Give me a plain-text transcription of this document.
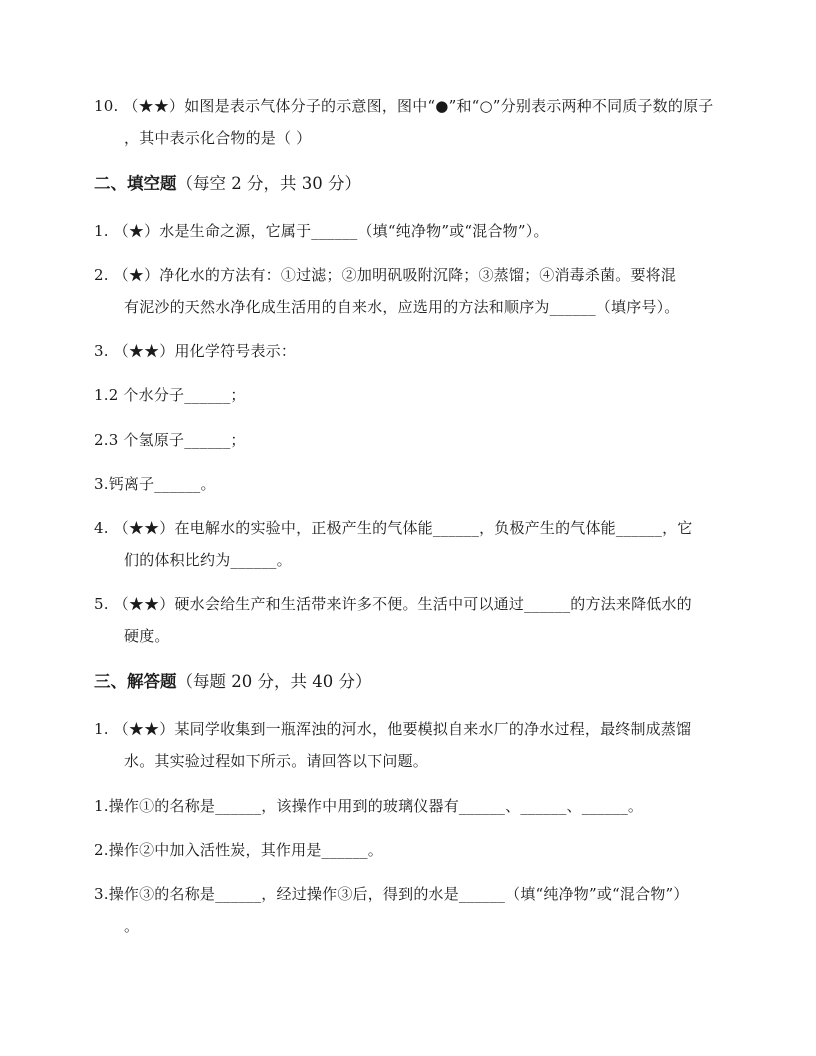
10. （★★）如图是表示气体分子的示意图，图中“●”和“○”分别表示两种不同质子数的原子
，其中表示化合物的是（ ）
二、填空题（每空 2 分，共 30 分）
1. （★）水是生命之源，它属于______（填“纯净物”或“混合物”）。
2. （★）净化水的方法有：①过滤；②加明矾吸附沉降；③蒸馏；④消毒杀菌。要将混
有泥沙的天然水净化成生活用的自来水，应选用的方法和顺序为______（填序号）。
3. （★★）用化学符号表示：
1.2 个水分子______；
2.3 个氢原子______；
3.钙离子______。
4. （★★）在电解水的实验中，正极产生的气体能______，负极产生的气体能______，它
们的体积比约为______。
5. （★★）硬水会给生产和生活带来许多不便。生活中可以通过______的方法来降低水的
硬度。
三、解答题（每题 20 分，共 40 分）
1. （★★）某同学收集到一瓶浑浊的河水，他要模拟自来水厂的净水过程，最终制成蒸馏
水。其实验过程如下所示。请回答以下问题。
1.操作①的名称是______，该操作中用到的玻璃仪器有______、______、______。
2.操作②中加入活性炭，其作用是______。
3.操作③的名称是______，经过操作③后，得到的水是______（填“纯净物”或“混合物”）
。
